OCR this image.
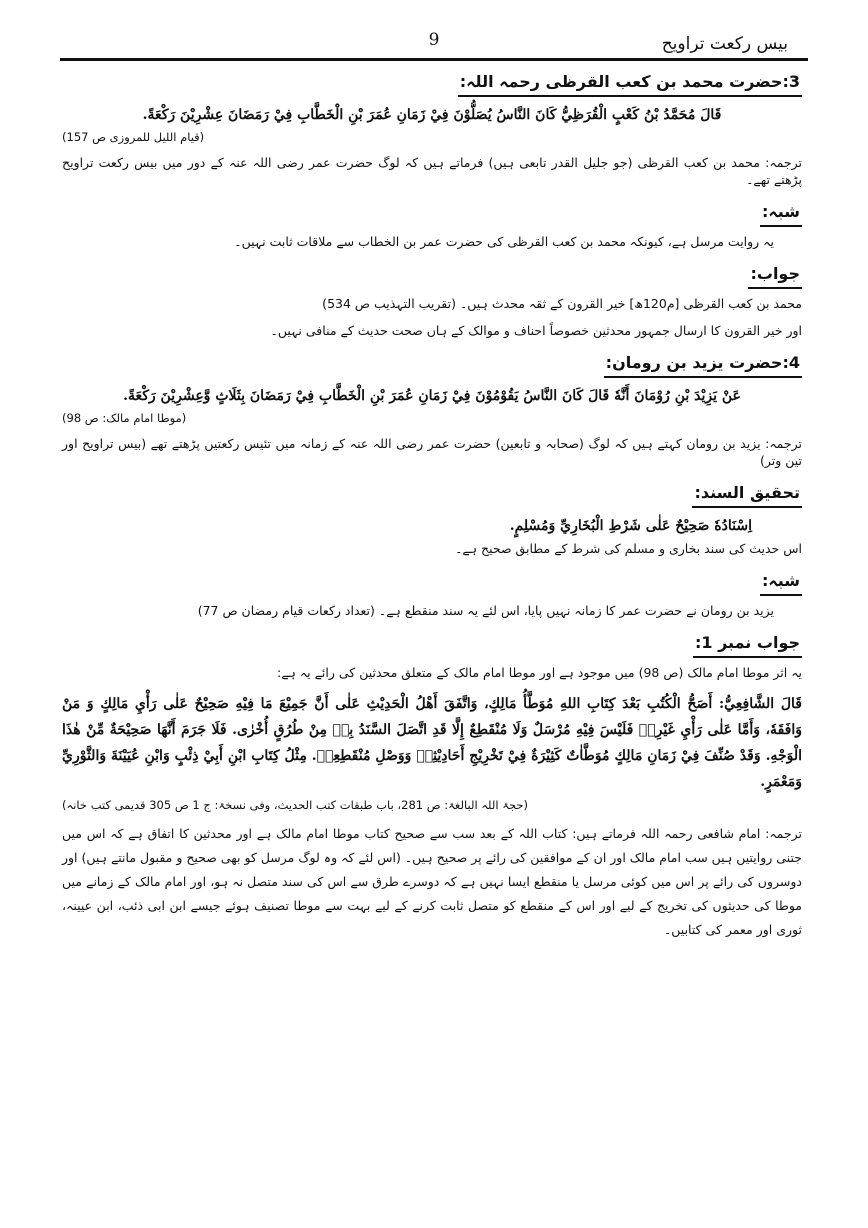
بیس رکعت تراویح
9
3:حضرت محمد بن کعب القرظی رحمہ اللہ:
قَالَ مُحَمَّدُ بْنُ كَعْبٍ الْقُرَظِيُّ كَانَ النَّاسُ يُصَلُّوْنَ فِيْ زَمَانِ عُمَرَ بْنِ الْخَطَّابِ فِيْ رَمَضَانَ عِشْرِيْنَ رَكْعَةً.
(قیام اللیل للمروزی ص 157)
ترجمہ: محمد بن کعب القرظی (جو جلیل القدر تابعی ہیں) فرماتے ہیں کہ لوگ حضرت عمر رضی اللہ عنہ کے دور میں بیس رکعت تراویح پڑھتے تھے۔
شبہ:
یہ روایت مرسل ہے، کیونکہ محمد بن کعب القرظی کی حضرت عمر بن الخطاب سے ملاقات ثابت نہیں۔
جواب:
محمد بن کعب القرظی [م120ھ] خیر القرون کے ثقہ محدث ہیں۔ (تقریب التہذیب ص 534)
اور خیر القرون کا ارسال جمہور محدثین خصوصاً احناف و موالک کے ہاں صحت حدیث کے منافی نہیں۔
4:حضرت یزید بن رومان:
عَنْ يَزِيْدَ بْنِ رُوْمَانَ أَنَّهٗ قَالَ كَانَ النَّاسُ يَقُوْمُوْنَ فِيْ زَمَانِ عُمَرَ بْنِ الْخَطَّابِ فِيْ رَمَضَانَ بِثَلَاثٍ وَّعِشْرِيْنَ رَكْعَةً.
(موطا امام مالک: ص 98)
ترجمہ: یزید بن رومان کہتے ہیں کہ لوگ (صحابہ و تابعین) حضرت عمر رضی اللہ عنہ کے زمانہ میں تئیس رکعتیں پڑھتے تھے (بیس تراویح اور تین وتر)
تحقیق السند:
اِسْنَادُهٗ صَحِيْحٌ عَلٰى شَرْطِ الْبُخَارِيِّ وَمُسْلِمٍ.
اس حدیث کی سند بخاری و مسلم کی شرط کے مطابق صحیح ہے۔
شبہ:
یزید بن رومان نے حضرت عمر کا زمانہ نہیں پایا، اس لئے یہ سند منقطع ہے۔ (تعداد رکعات قیام رمضان ص 77)
جواب نمبر 1:
یہ اثر موطا امام مالک (ص 98) میں موجود ہے اور موطا امام مالک کے متعلق محدثین کی رائے یہ ہے:
قَالَ الشَّافِعِيُّ: أَصَحُّ الْكُتُبِ بَعْدَ كِتَابِ اللهِ مُوَطَّأُ مَالِكٍ، وَاتَّفَقَ أَهْلُ الْحَدِيْثِ عَلٰى أَنَّ جَمِيْعَ مَا فِيْهِ صَحِيْحٌ عَلٰى رَأْيِ مَالِكٍ وَ مَنْ وَافَقَهٗ، وَأَمَّا عَلٰى رَأْيِ غَيْرِهٖ فَلَيْسَ فِيْهِ مُرْسَلٌ وَلَا مُنْقَطِعٌ إِلَّا قَدِ اتَّصَلَ السَّنَدُ بِهٖ مِنْ طُرُقٍ أُخْرٰى. فَلَا جَرَمَ أَنَّهَا صَحِيْحَةٌ مِّنْ هٰذَا الْوَجْهِ. وَقَدْ صُنِّفَ فِيْ زَمَانِ مَالِكٍ مُوَطَّاٰتٌ كَثِيْرَةٌ فِيْ تَخْرِيْجِ أَحَادِيْثِهٖ وَوَصْلِ مُنْقَطِعِهٖ. مِثْلُ كِتَابِ ابْنِ أَبِيْ ذِئْبٍ وَابْنِ عُيَيْنَةَ وَالثَّوْرِيِّ وَمَعْمَرٍ.
(حجۃ اللہ البالغۃ: ص 281، باب طبقات کتب الحدیث، وفی نسخۃ: ج 1 ص 305 قدیمی کتب خانہ)
ترجمہ: امام شافعی رحمہ اللہ فرماتے ہیں: کتاب اللہ کے بعد سب سے صحیح کتاب موطا امام مالک ہے اور محدثین کا اتفاق ہے کہ اس میں جتنی روایتیں ہیں سب امام مالک اور ان کے موافقین کی رائے پر صحیح ہیں۔ (اس لئے کہ وہ لوگ مرسل کو بھی صحیح و مقبول مانتے ہیں) اور دوسروں کی رائے پر اس میں کوئی مرسل یا منقطع ایسا نہیں ہے کہ دوسرے طرق سے اس کی سند متصل نہ ہو، اور امام مالک کے زمانے میں موطا کی حدیثوں کی تخریج کے لیے اور اس کے منقطع کو متصل ثابت کرنے کے لیے بہت سے موطا تصنیف ہوئے جیسے ابن ابی ذئب، ابن عیینہ، ثوری اور معمر کی کتابیں۔
